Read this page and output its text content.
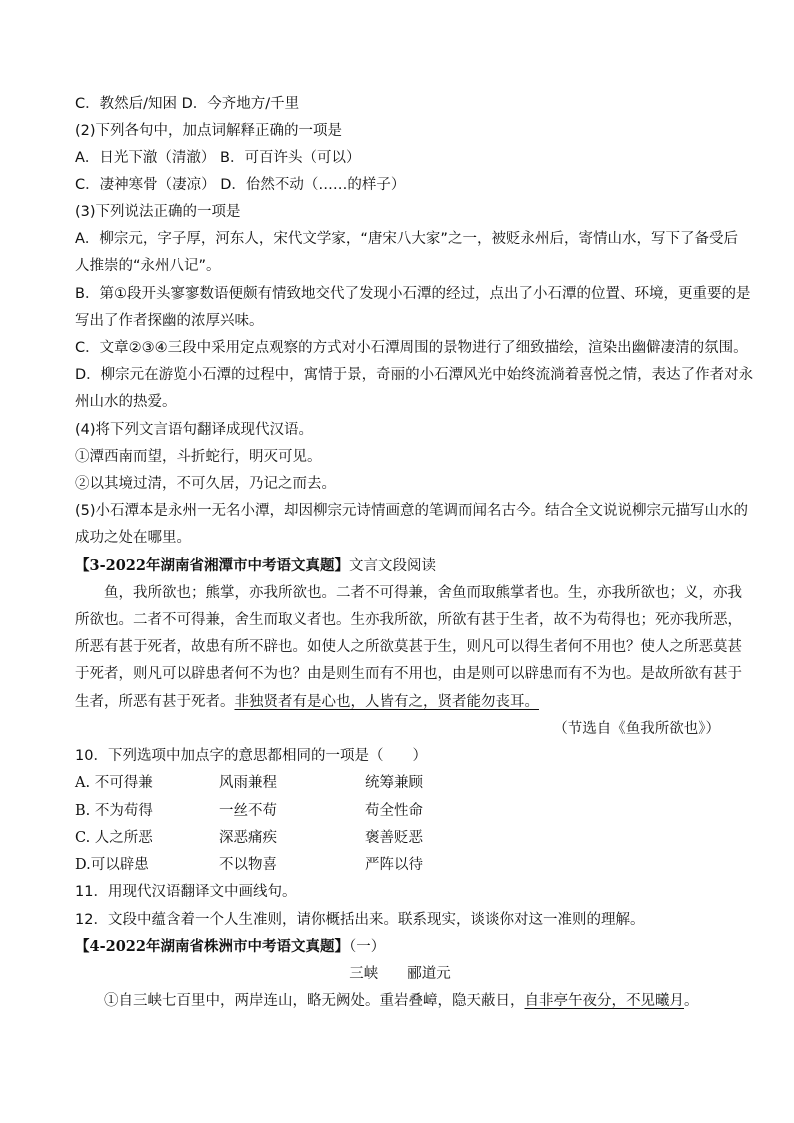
C．教然后/知困 D．今齐地方/千里
(2)下列各句中，加点词解释正确的一项是
A．日光下澈（清澈） B．可百许头（可以）
C．凄神寒骨（凄凉） D．佁然不动（……的样子）
(3)下列说法正确的一项是
A．柳宗元，字子厚，河东人，宋代文学家，“唐宋八大家”之一，被贬永州后，寄情山水，写下了备受后
人推崇的“永州八记”。
B．第①段开头寥寥数语便颇有情致地交代了发现小石潭的经过，点出了小石潭的位置、环境，更重要的是
写出了作者探幽的浓厚兴味。
C．文章②③④三段中采用定点观察的方式对小石潭周围的景物进行了细致描绘，渲染出幽僻凄清的氛围。
D．柳宗元在游览小石潭的过程中，寓情于景，奇丽的小石潭风光中始终流淌着喜悦之情，表达了作者对永
州山水的热爱。
(4)将下列文言语句翻译成现代汉语。
①潭西南而望，斗折蛇行，明灭可见。
②以其境过清，不可久居，乃记之而去。
(5)小石潭本是永州一无名小潭，却因柳宗元诗情画意的笔调而闻名古今。结合全文说说柳宗元描写山水的
成功之处在哪里。
【3-2022年湖南省湘潭市中考语文真题】文言文段阅读
鱼，我所欲也；熊掌，亦我所欲也。二者不可得兼，舍鱼而取熊掌者也。生，亦我所欲也；义，亦我
所欲也。二者不可得兼，舍生而取义者也。生亦我所欲，所欲有甚于生者，故不为苟得也；死亦我所恶，
所恶有甚于死者，故患有所不辟也。如使人之所欲莫甚于生，则凡可以得生者何不用也？使人之所恶莫甚
于死者，则凡可以辟患者何不为也？由是则生而有不用也，由是则可以辟患而有不为也。是故所欲有甚于
生者，所恶有甚于死者。非独贤者有是心也，人皆有之，贤者能勿丧耳。
（节选自《鱼我所欲也》）
10．下列选项中加点字的意思都相同的一项是（　　）
A. 不可得兼	风雨兼程	统筹兼顾
B. 不为苟得	一丝不苟	苟全性命
C. 人之所恶	深恶痛疾	褒善贬恶
D.可以辟患	不以物喜	严阵以待
11．用现代汉语翻译文中画线句。
12．文段中蕴含着一个人生准则，请你概括出来。联系现实，谈谈你对这一准则的理解。
【4-2022年湖南省株洲市中考语文真题】（一）
三峡　　郦道元
①自三峡七百里中，两岸连山，略无阙处。重岩叠嶂，隐天蔽日，自非亭午夜分，不见曦月。
